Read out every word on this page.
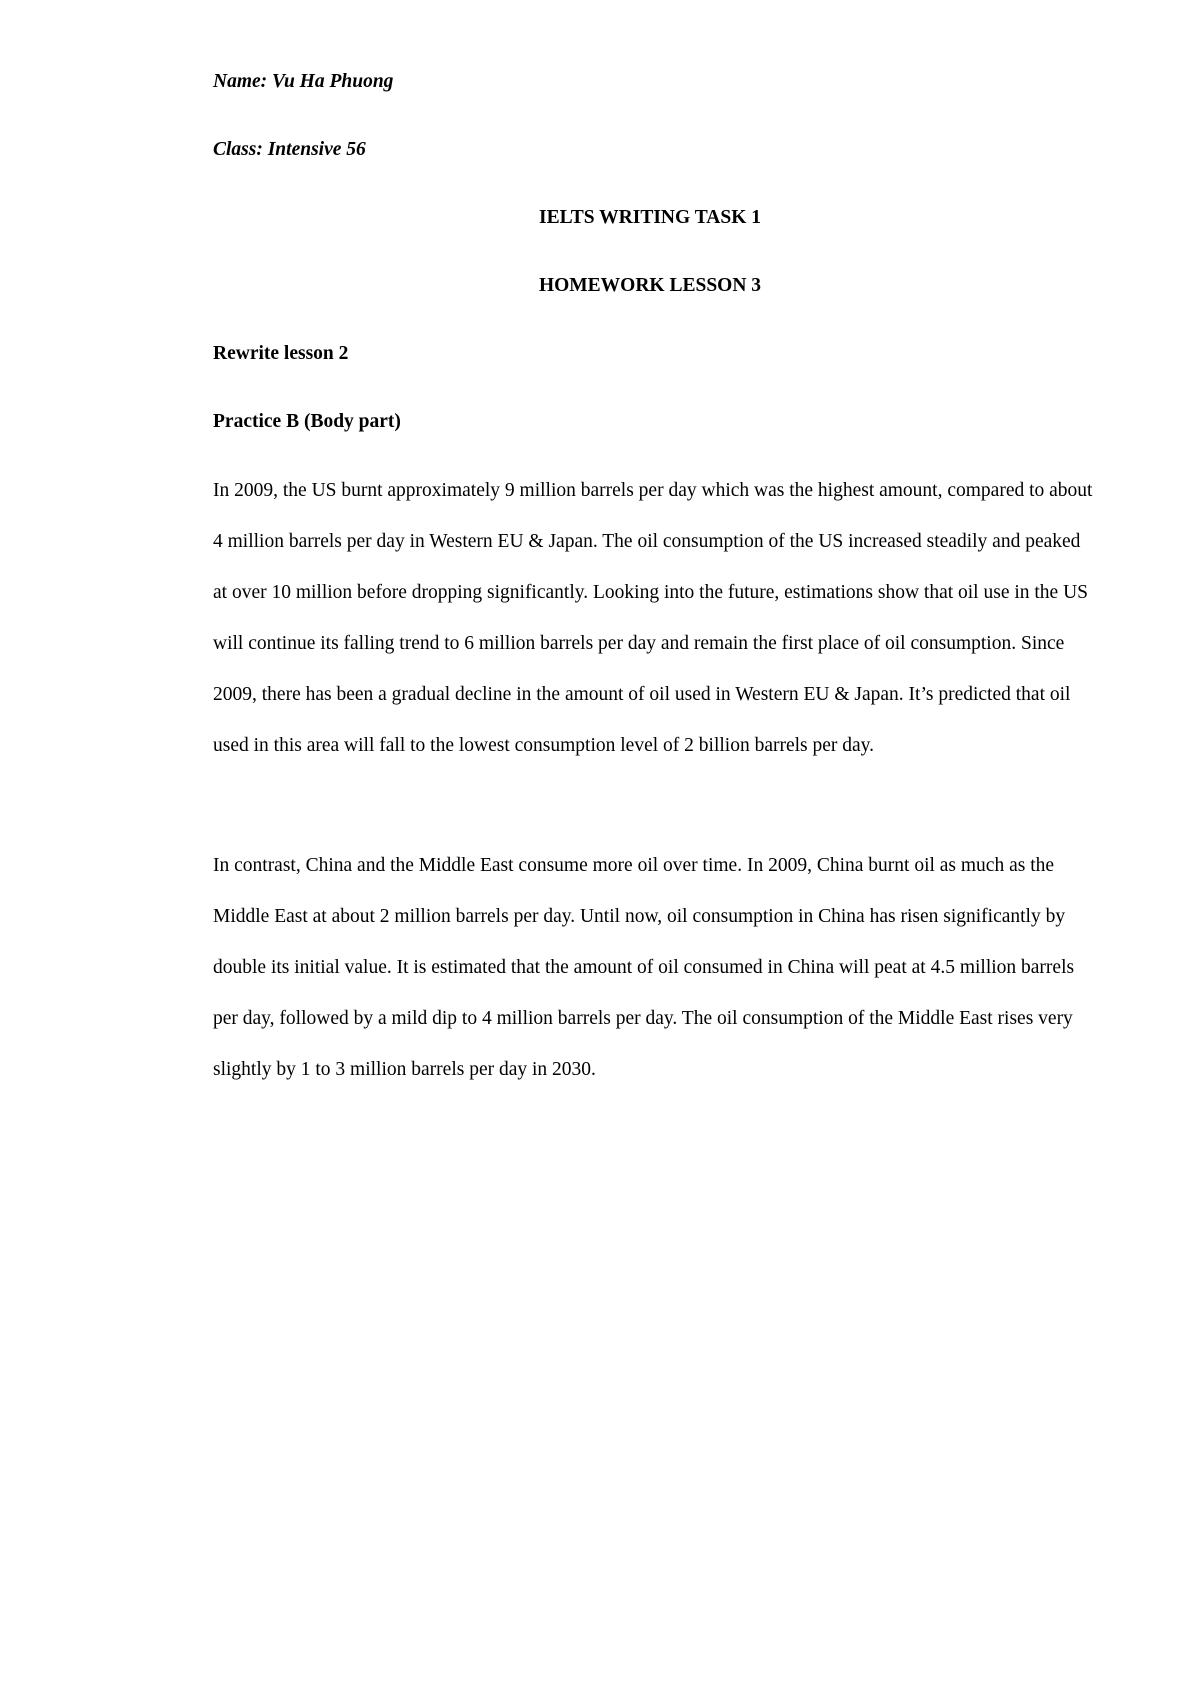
Name: Vu Ha Phuong
Class: Intensive 56
IELTS WRITING TASK 1
HOMEWORK LESSON 3
Rewrite lesson 2
Practice B (Body part)

In 2009, the US burnt approximately 9 million barrels per day which was the highest amount, compared to about 4 million barrels per day in Western EU & Japan. The oil consumption of the US increased steadily and peaked at over 10 million before dropping significantly. Looking into the future, estimations show that oil use in the US will continue its falling trend to 6 million barrels per day and remain the first place of oil consumption. Since 2009, there has been a gradual decline in the amount of oil used in Western EU & Japan. It’s predicted that oil used in this area will fall to the lowest consumption level of 2 billion barrels per day.

In contrast, China and the Middle East consume more oil over time. In 2009, China burnt oil as much as the Middle East at about 2 million barrels per day. Until now, oil consumption in China has risen significantly by double its initial value. It is estimated that the amount of oil consumed in China will peat at 4.5 million barrels per day, followed by a mild dip to 4 million barrels per day. The oil consumption of the Middle East rises very slightly by 1 to 3 million barrels per day in 2030.
